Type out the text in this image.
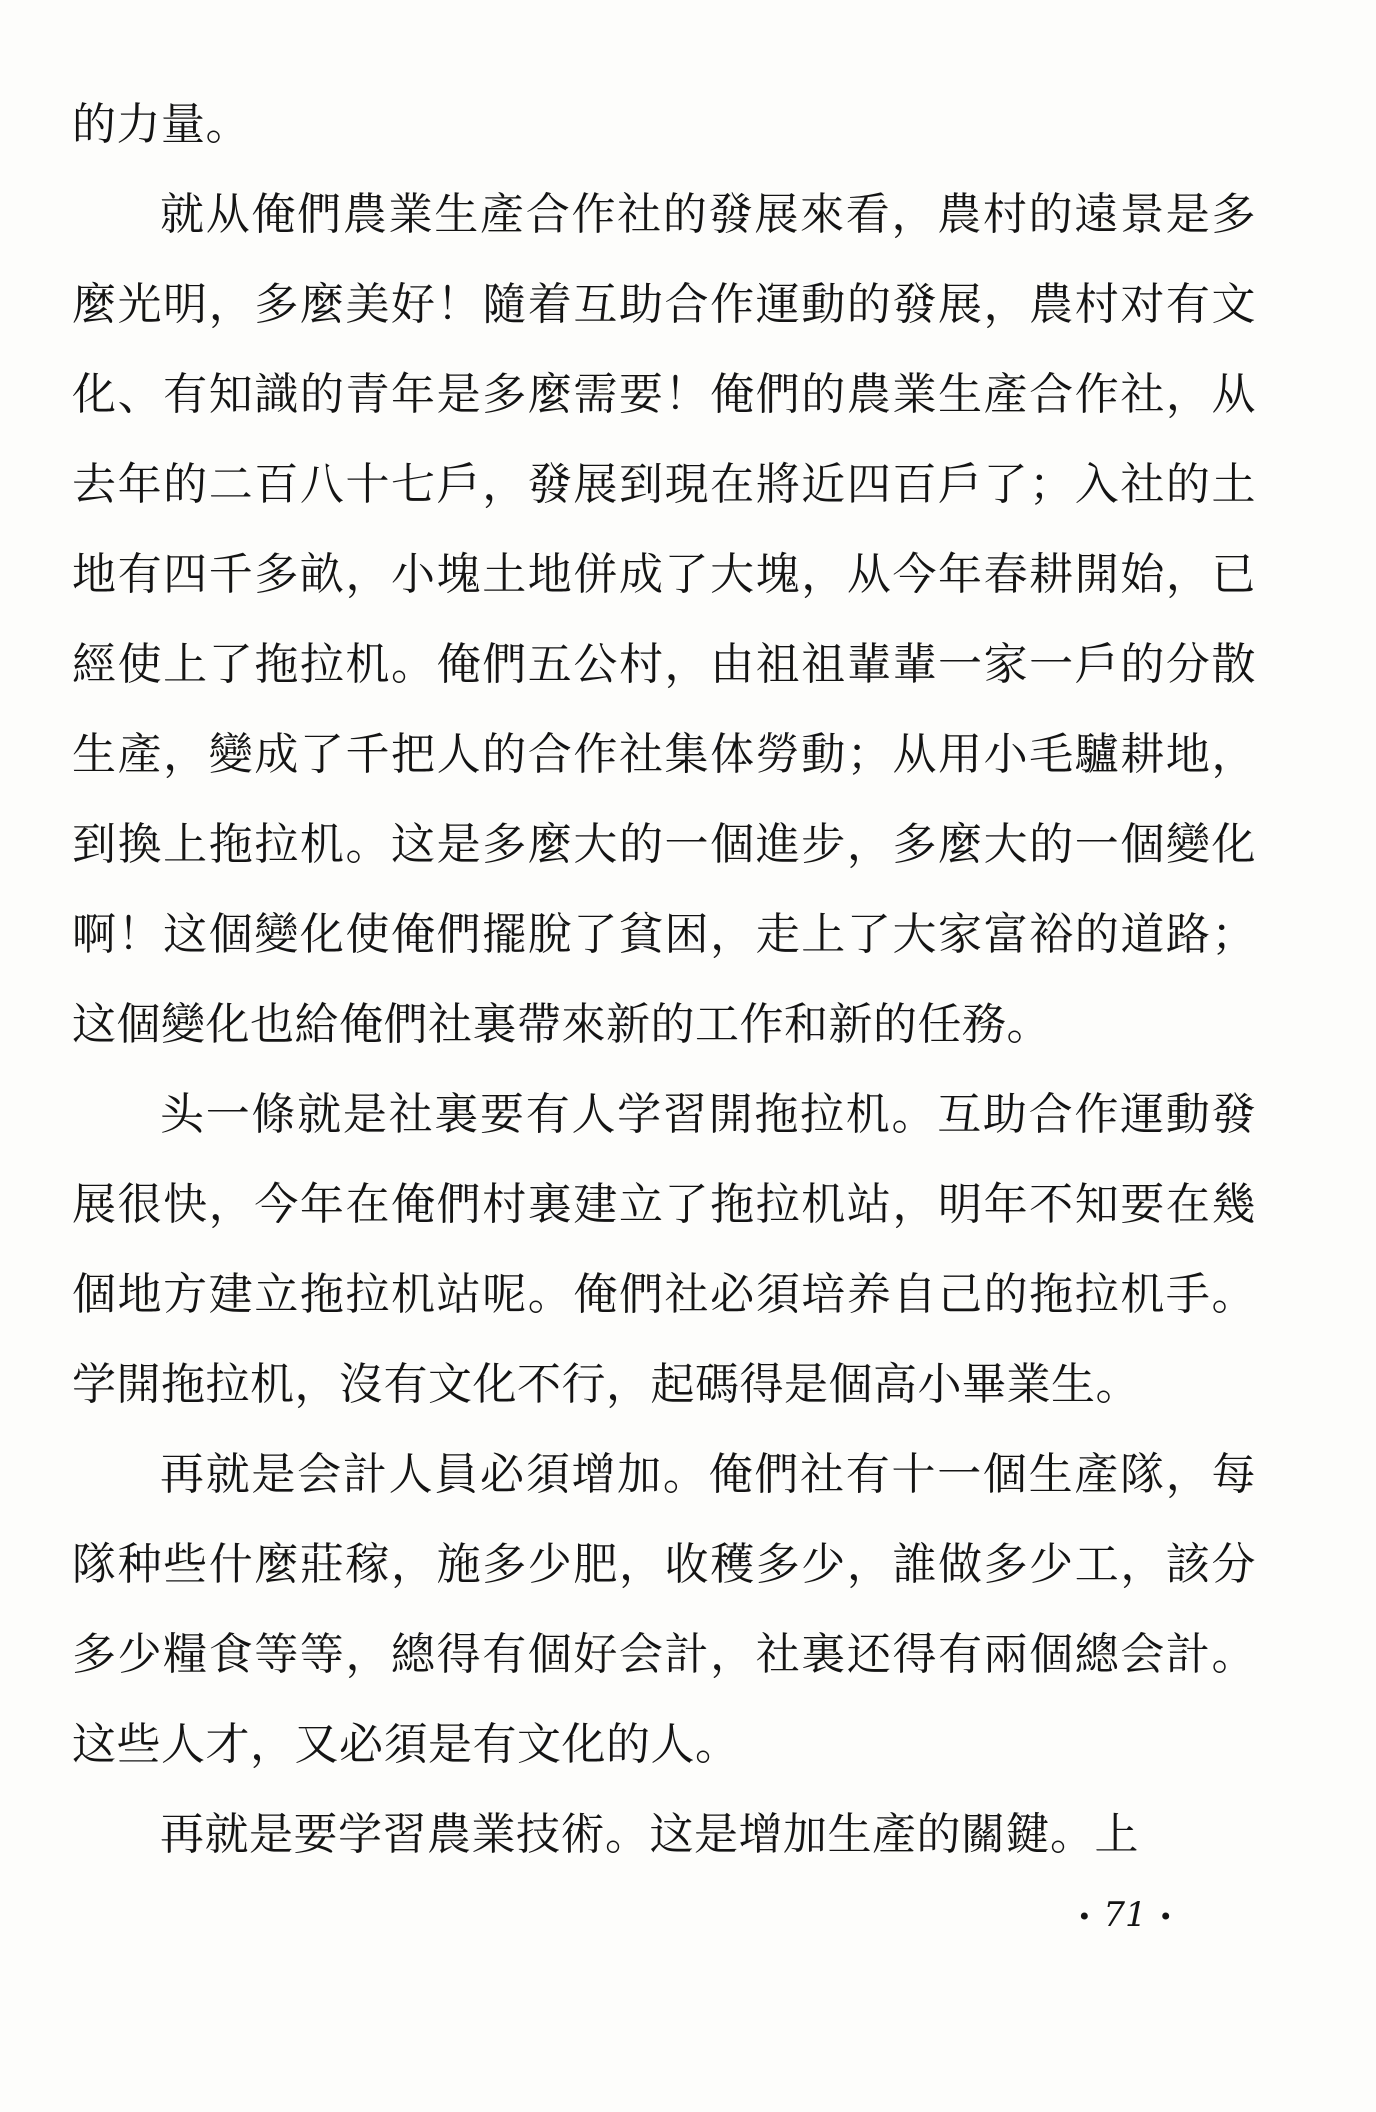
的力量。

就从俺們農業生產合作社的發展來看，農村的遠景是多麼光明，多麼美好！隨着互助合作運動的發展，農村对有文化、有知識的青年是多麼需要！俺們的農業生產合作社，从去年的二百八十七戶，發展到現在將近四百戶了；入社的土地有四千多畝，小塊土地併成了大塊，从今年春耕開始，已經使上了拖拉机。俺們五公村，由祖祖輩輩一家一戶的分散生產，變成了千把人的合作社集体勞動；从用小毛驢耕地，到換上拖拉机。这是多麼大的一個進步，多麼大的一個變化啊！这個變化使俺們擺脫了貧困，走上了大家富裕的道路；这個變化也給俺們社裏帶來新的工作和新的任務。

头一條就是社裏要有人学習開拖拉机。互助合作運動發展很快，今年在俺們村裏建立了拖拉机站，明年不知要在幾個地方建立拖拉机站呢。俺們社必須培养自己的拖拉机手。学開拖拉机，沒有文化不行，起碼得是個高小畢業生。

再就是会計人員必須增加。俺們社有十一個生產隊，每隊种些什麼莊稼，施多少肥，收穫多少，誰做多少工，該分多少糧食等等，總得有個好会計，社裏还得有兩個總会計。这些人才，又必須是有文化的人。

再就是要学習農業技術。这是增加生產的關鍵。上

• 71 •
